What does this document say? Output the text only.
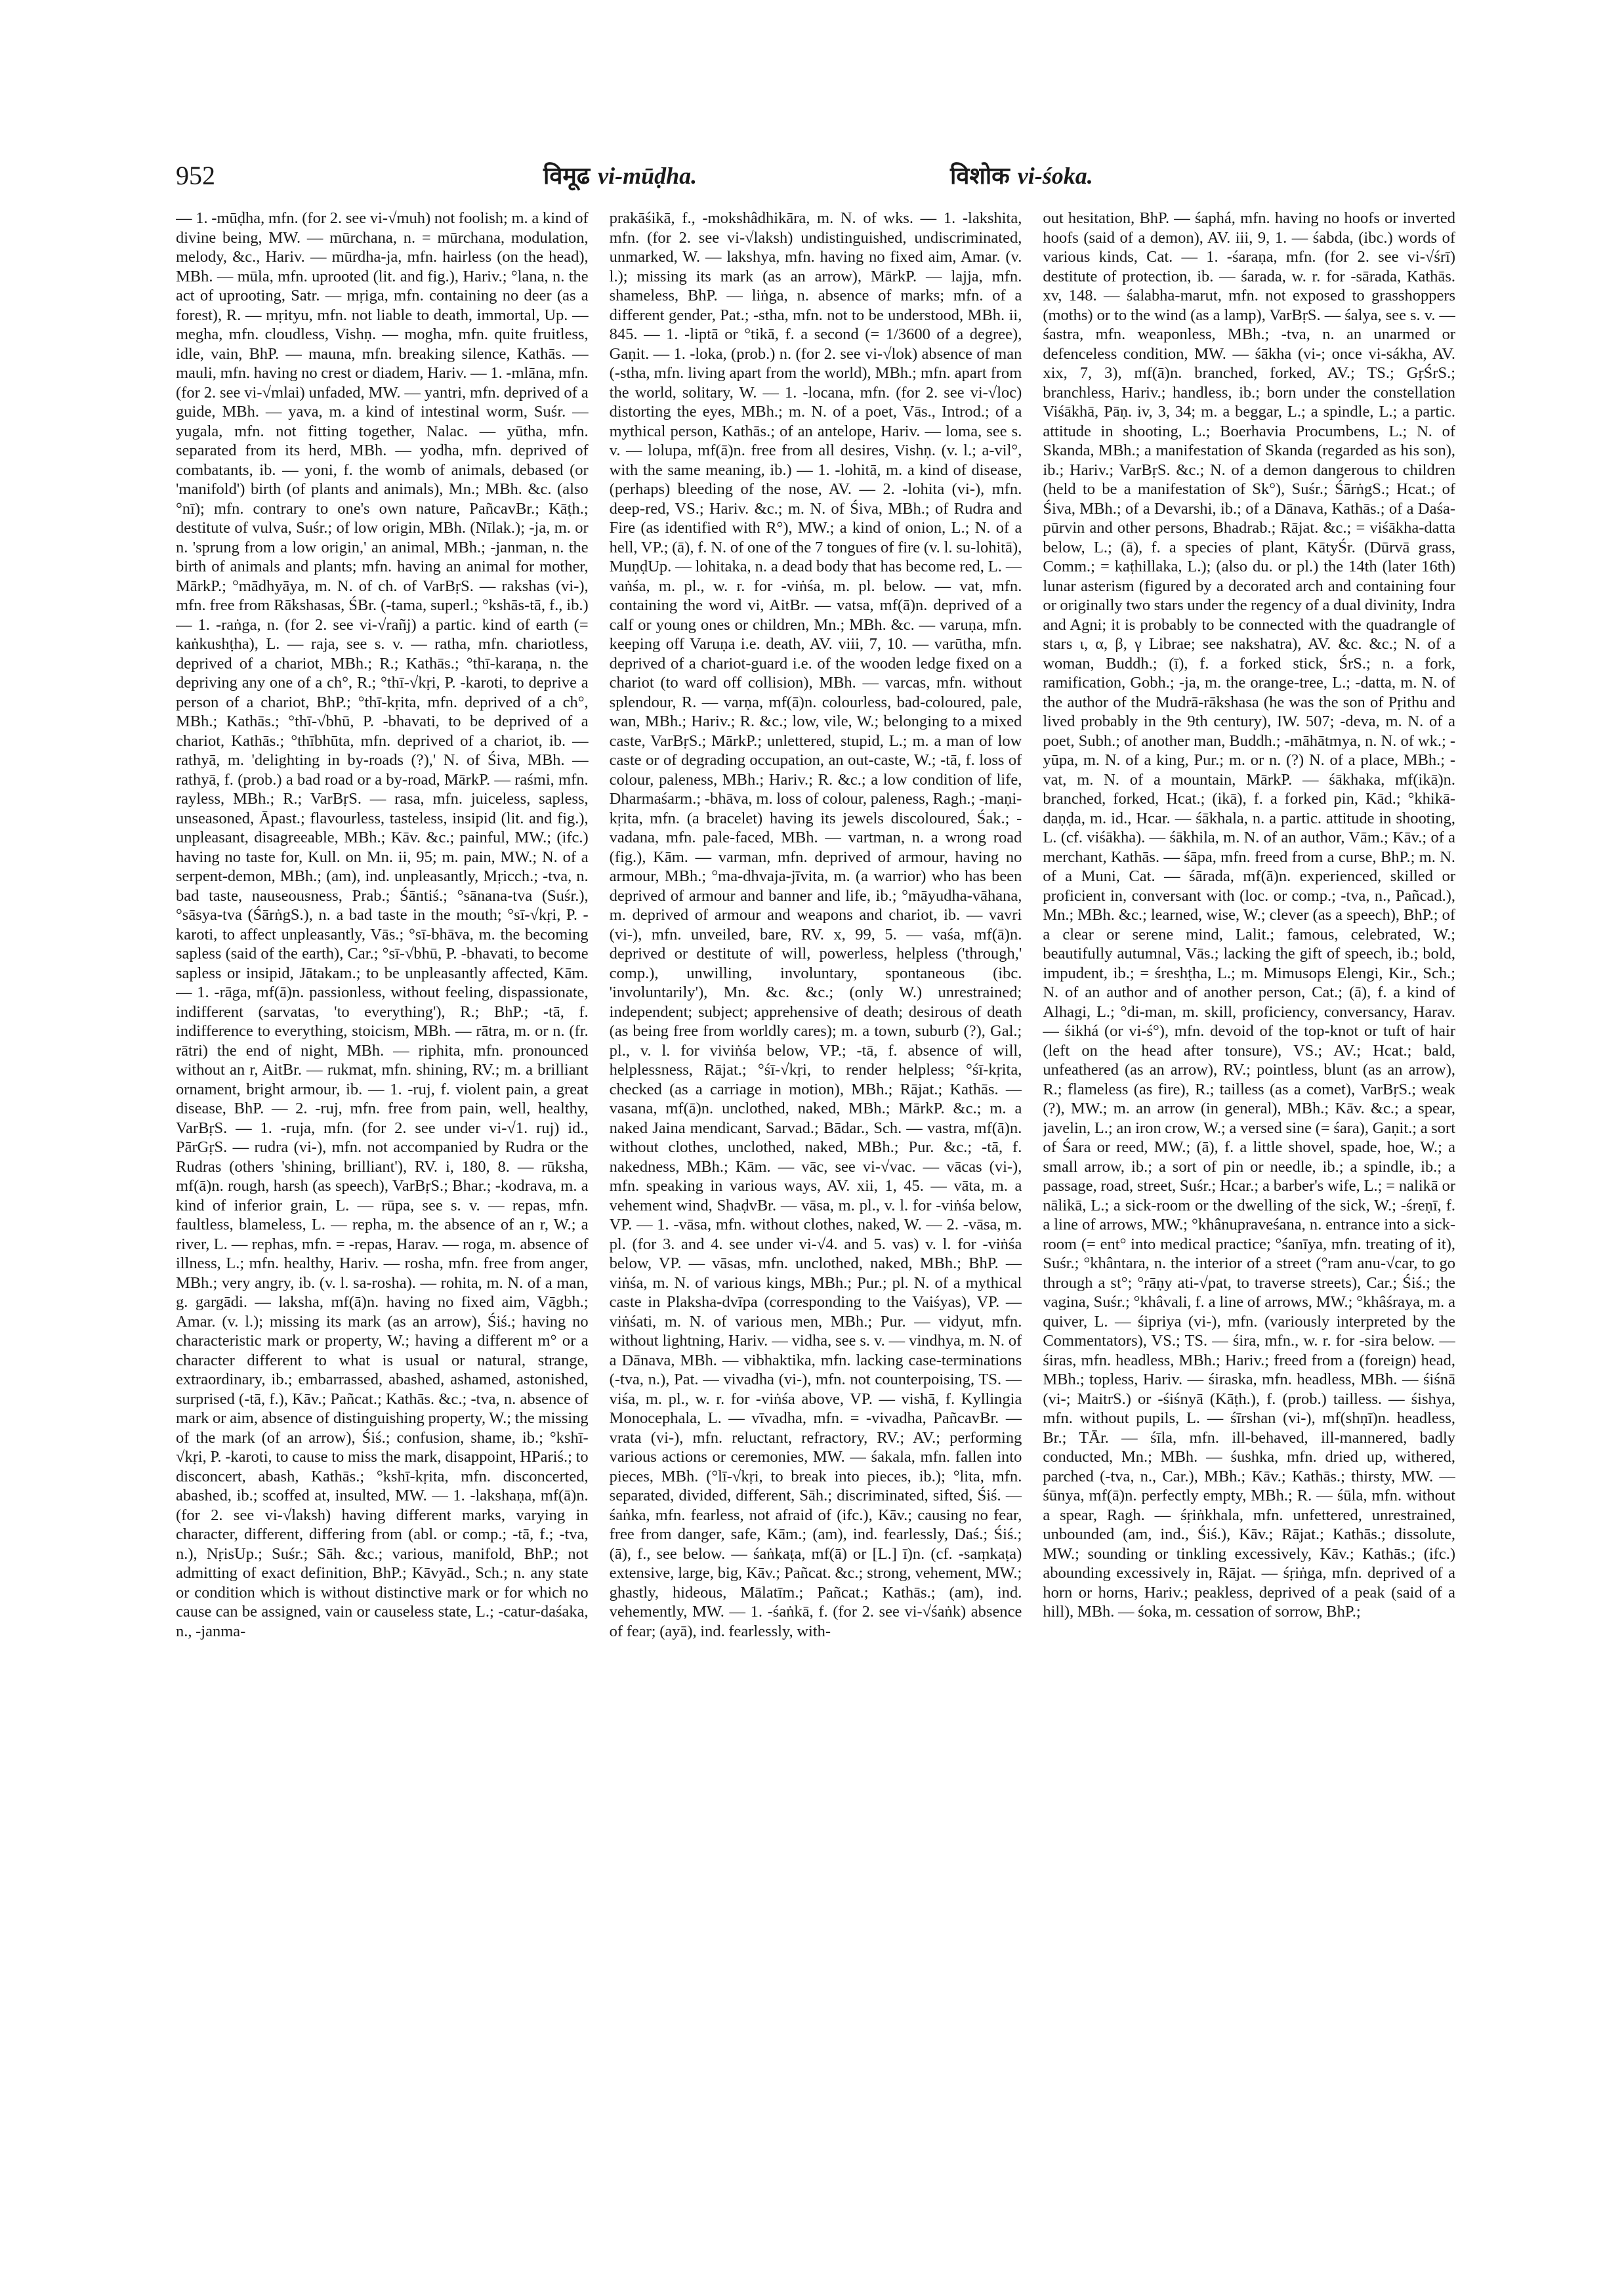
952	विमूढ vi-mūḍha.	विशोक vi-śoka.

— 1. -mūḍha, mfn. (for 2. see vi-√muh) not foolish; m. a kind of divine being, MW. — mūrchana, n. = mūrchana, modulation, melody, &c., Hariv. — mūrdha-ja, mfn. hairless (on the head), MBh. — mūla, mfn. uprooted (lit. and fig.), Hariv.; °lana, n. the act of uprooting, Satr. — mṛiga, mfn. containing no deer (as a forest), R. — mṛityu, mfn. not liable to death, immortal, Up. — megha, mfn. cloudless, Vishṇ. — mogha, mfn. quite fruitless, idle, vain, BhP. — mauna, mfn. breaking silence, Kathās. — mauli, mfn. having no crest or diadem, Hariv. — 1. -mlāna, mfn. (for 2. see vi-√mlai) unfaded, MW. — yantri, mfn. deprived of a guide, MBh. — yava, m. a kind of intestinal worm, Suśr. — yugala, mfn. not fitting together, Nalac. — yūtha, mfn. separated from its herd, MBh. — yodha, mfn. deprived of combatants, ib. — yoni, f. the womb of animals, debased (or 'manifold') birth (of plants and animals), Mn.; MBh. &c. (also °nī); mfn. contrary to one's own nature, PañcavBr.; Kāṭh.; destitute of vulva, Suśr.; of low origin, MBh. (Nīlak.); -ja, m. or n. 'sprung from a low origin,' an animal, MBh.; -janman, n. the birth of animals and plants; mfn. having an animal for mother, MārkP.; °mādhyāya, m. N. of ch. of VarBṛS. — rakshas (vi-), mfn. free from Rākshasas, ŚBr. (-tama, superl.; °kshās-tā, f., ib.) — 1. -raṅga, n. (for 2. see vi-√rañj) a partic. kind of earth (= kaṅkushṭha), L. — raja, see s. v. — ratha, mfn. chariotless, deprived of a chariot, MBh.; R.; Kathās.; °thī-karaṇa, n. the depriving any one of a ch°, R.; °thī-√kṛi, P. -karoti, to deprive a person of a chariot, BhP.; °thī-kṛita, mfn. deprived of a ch°, MBh.; Kathās.; °thī-√bhū, P. -bhavati, to be deprived of a chariot, Kathās.; °thībhūta, mfn. deprived of a chariot, ib. — rathyā, m. 'delighting in by-roads (?),' N. of Śiva, MBh. — rathyā, f. (prob.) a bad road or a by-road, MārkP. — raśmi, mfn. rayless, MBh.; R.; VarBṛS. — rasa, mfn. juiceless, sapless, unseasoned, Āpast.; flavourless, tasteless, insipid (lit. and fig.), unpleasant, disagreeable, MBh.; Kāv. &c.; painful, MW.; (ifc.) having no taste for, Kull. on Mn. ii, 95; m. pain, MW.; N. of a serpent-demon, MBh.; (am), ind. unpleasantly, Mṛicch.; -tva, n. bad taste, nauseousness, Prab.; Śāntiś.; °sānana-tva (Suśr.), °sāsya-tva (ŚārṅgS.), n. a bad taste in the mouth; °sī-√kṛi, P. -karoti, to affect unpleasantly, Vās.; °sī-bhāva, m. the becoming sapless (said of the earth), Car.; °sī-√bhū, P. -bhavati, to become sapless or insipid, Jātakam.; to be unpleasantly affected, Kām. — 1. -rāga, mf(ā)n. passionless, without feeling, dispassionate, indifferent (sarvatas, 'to everything'), R.; BhP.; -tā, f. indifference to everything, stoicism, MBh. — rātra, m. or n. (fr. rātri) the end of night, MBh. — riphita, mfn. pronounced without an r, AitBr. — rukmat, mfn. shining, RV.; m. a brilliant ornament, bright armour, ib. — 1. -ruj, f. violent pain, a great disease, BhP. — 2. -ruj, mfn. free from pain, well, healthy, VarBṛS. — 1. -ruja, mfn. (for 2. see under vi-√1. ruj) id., PārGṛS. — rudra (vi-), mfn. not accompanied by Rudra or the Rudras (others 'shining, brilliant'), RV. i, 180, 8. — rūksha, mf(ā)n. rough, harsh (as speech), VarBṛS.; Bhar.; -kodrava, m. a kind of inferior grain, L. — rūpa, see s. v. — repas, mfn. faultless, blameless, L. — repha, m. the absence of an r, W.; a river, L. — rephas, mfn. = -repas, Harav. — roga, m. absence of illness, L.; mfn. healthy, Hariv. — rosha, mfn. free from anger, MBh.; very angry, ib. (v. l. sa-rosha). — rohita, m. N. of a man, g. gargādi. — laksha, mf(ā)n. having no fixed aim, Vāgbh.; Amar. (v. l.); missing its mark (as an arrow), Śiś.; having no characteristic mark or property, W.; having a different m° or a character different to what is usual or natural, strange, extraordinary, ib.; embarrassed, abashed, ashamed, astonished, surprised (-tā, f.), Kāv.; Pañcat.; Kathās. &c.; -tva, n. absence of mark or aim, absence of distinguishing property, W.; the missing of the mark (of an arrow), Śiś.; confusion, shame, ib.; °kshī-√kṛi, P. -karoti, to cause to miss the mark, disappoint, HPariś.; to disconcert, abash, Kathās.; °kshī-kṛita, mfn. disconcerted, abashed, ib.; scoffed at, insulted, MW. — 1. -lakshaṇa, mf(ā)n. (for 2. see vi-√laksh) having different marks, varying in character, different, differing from (abl. or comp.; -tā, f.; -tva, n.), NṛisUp.; Suśr.; Sāh. &c.; various, manifold, BhP.; not admitting of exact definition, BhP.; Kāvyād., Sch.; n. any state or condition which is without distinctive mark or for which no cause can be assigned, vain or causeless state, L.; -catur-daśaka, n., -janma-

prakāśikā, f., -mokshâdhikāra, m. N. of wks. — 1. -lakshita, mfn. (for 2. see vi-√laksh) undistinguished, undiscriminated, unmarked, W. — lakshya, mfn. having no fixed aim, Amar. (v. l.); missing its mark (as an arrow), MārkP. — lajja, mfn. shameless, BhP. — liṅga, n. absence of marks; mfn. of a different gender, Pat.; -stha, mfn. not to be understood, MBh. ii, 845. — 1. -liptā or °tikā, f. a second (= 1/3600 of a degree), Gaṇit. — 1. -loka, (prob.) n. (for 2. see vi-√lok) absence of man (-stha, mfn. living apart from the world), MBh.; mfn. apart from the world, solitary, W. — 1. -locana, mfn. (for 2. see vi-√loc) distorting the eyes, MBh.; m. N. of a poet, Vās., Introd.; of a mythical person, Kathās.; of an antelope, Hariv. — loma, see s. v. — lolupa, mf(ā)n. free from all desires, Vishṇ. (v. l.; a-vil°, with the same meaning, ib.) — 1. -lohitā, m. a kind of disease, (perhaps) bleeding of the nose, AV. — 2. -lohita (vi-), mfn. deep-red, VS.; Hariv. &c.; m. N. of Śiva, MBh.; of Rudra and Fire (as identified with R°), MW.; a kind of onion, L.; N. of a hell, VP.; (ā), f. N. of one of the 7 tongues of fire (v. l. su-lohitā), MuṇḍUp. — lohitaka, n. a dead body that has become red, L. — vaṅśa, m. pl., w. r. for -viṅśa, m. pl. below. — vat, mfn. containing the word vi, AitBr. — vatsa, mf(ā)n. deprived of a calf or young ones or children, Mn.; MBh. &c. — varuṇa, mfn. keeping off Varuṇa i.e. death, AV. viii, 7, 10. — varūtha, mfn. deprived of a chariot-guard i.e. of the wooden ledge fixed on a chariot (to ward off collision), MBh. — varcas, mfn. without splendour, R. — varṇa, mf(ā)n. colourless, bad-coloured, pale, wan, MBh.; Hariv.; R. &c.; low, vile, W.; belonging to a mixed caste, VarBṛS.; MārkP.; unlettered, stupid, L.; m. a man of low caste or of degrading occupation, an out-caste, W.; -tā, f. loss of colour, paleness, MBh.; Hariv.; R. &c.; a low condition of life, Dharmaśarm.; -bhāva, m. loss of colour, paleness, Ragh.; -maṇi-kṛita, mfn. (a bracelet) having its jewels discoloured, Śak.; -vadana, mfn. pale-faced, MBh. — vartman, n. a wrong road (fig.), Kām. — varman, mfn. deprived of armour, having no armour, MBh.; °ma-dhvaja-jīvita, m. (a warrior) who has been deprived of armour and banner and life, ib.; °māyudha-vāhana, m. deprived of armour and weapons and chariot, ib. — vavri (vi-), mfn. unveiled, bare, RV. x, 99, 5. — vaśa, mf(ā)n. deprived or destitute of will, powerless, helpless ('through,' comp.), unwilling, involuntary, spontaneous (ibc. 'involuntarily'), Mn. &c. &c.; (only W.) unrestrained; independent; subject; apprehensive of death; desirous of death (as being free from worldly cares); m. a town, suburb (?), Gal.; pl., v. l. for viviṅśa below, VP.; -tā, f. absence of will, helplessness, Rājat.; °śī-√kṛi, to render helpless; °śī-kṛita, checked (as a carriage in motion), MBh.; Rājat.; Kathās. — vasana, mf(ā)n. unclothed, naked, MBh.; MārkP. &c.; m. a naked Jaina mendicant, Sarvad.; Bādar., Sch. — vastra, mf(ā)n. without clothes, unclothed, naked, MBh.; Pur. &c.; -tā, f. nakedness, MBh.; Kām. — vāc, see vi-√vac. — vācas (vi-), mfn. speaking in various ways, AV. xii, 1, 45. — vāta, m. a vehement wind, ShaḍvBr. — vāsa, m. pl., v. l. for -viṅśa below, VP. — 1. -vāsa, mfn. without clothes, naked, W. — 2. -vāsa, m. pl. (for 3. and 4. see under vi-√4. and 5. vas) v. l. for -viṅśa below, VP. — vāsas, mfn. unclothed, naked, MBh.; BhP. — viṅśa, m. N. of various kings, MBh.; Pur.; pl. N. of a mythical caste in Plaksha-dvīpa (corresponding to the Vaiśyas), VP. — viṅśati, m. N. of various men, MBh.; Pur. — vidyut, mfn. without lightning, Hariv. — vidha, see s. v. — vindhya, m. N. of a Dānava, MBh. — vibhaktika, mfn. lacking case-terminations (-tva, n.), Pat. — vivadha (vi-), mfn. not counterpoising, TS. — viśa, m. pl., w. r. for -viṅśa above, VP. — vishā, f. Kyllingia Monocephala, L. — vīvadha, mfn. = -vivadha, PañcavBr. — vrata (vi-), mfn. reluctant, refractory, RV.; AV.; performing various actions or ceremonies, MW. — śakala, mfn. fallen into pieces, MBh. (°lī-√kṛi, to break into pieces, ib.); °lita, mfn. separated, divided, different, Sāh.; discriminated, sifted, Śiś. — śaṅka, mfn. fearless, not afraid of (ifc.), Kāv.; causing no fear, free from danger, safe, Kām.; (am), ind. fearlessly, Daś.; Śiś.; (ā), f., see below. — śaṅkaṭa, mf(ā) or [L.] ī)n. (cf. -saṃkaṭa) extensive, large, big, Kāv.; Pañcat. &c.; strong, vehement, MW.; ghastly, hideous, Mālatīm.; Pañcat.; Kathās.; (am), ind. vehemently, MW. — 1. -śaṅkā, f. (for 2. see vi-√śaṅk) absence of fear; (ayā), ind. fearlessly, with-

out hesitation, BhP. — śaphá, mfn. having no hoofs or inverted hoofs (said of a demon), AV. iii, 9, 1. — śabda, (ibc.) words of various kinds, Cat. — 1. -śaraṇa, mfn. (for 2. see vi-√śrī) destitute of protection, ib. — śarada, w. r. for -sārada, Kathās. xv, 148. — śalabha-marut, mfn. not exposed to grasshoppers (moths) or to the wind (as a lamp), VarBṛS. — śalya, see s. v. — śastra, mfn. weaponless, MBh.; -tva, n. an unarmed or defenceless condition, MW. — śākha (vi-; once vi-sákha, AV. xix, 7, 3), mf(ā)n. branched, forked, AV.; TS.; GṛŚrS.; branchless, Hariv.; handless, ib.; born under the constellation Viśākhā, Pāṇ. iv, 3, 34; m. a beggar, L.; a spindle, L.; a partic. attitude in shooting, L.; Boerhavia Procumbens, L.; N. of Skanda, MBh.; a manifestation of Skanda (regarded as his son), ib.; Hariv.; VarBṛS. &c.; N. of a demon dangerous to children (held to be a manifestation of Sk°), Suśr.; ŚārṅgS.; Hcat.; of Śiva, MBh.; of a Devarshi, ib.; of a Dānava, Kathās.; of a Daśa-pūrvin and other persons, Bhadrab.; Rājat. &c.; = viśākha-datta below, L.; (ā), f. a species of plant, KātyŚr. (Dūrvā grass, Comm.; = kaṭhillaka, L.); (also du. or pl.) the 14th (later 16th) lunar asterism (figured by a decorated arch and containing four or originally two stars under the regency of a dual divinity, Indra and Agni; it is probably to be connected with the quadrangle of stars ι, α, β, γ Librae; see nakshatra), AV. &c. &c.; N. of a woman, Buddh.; (ī), f. a forked stick, ŚrS.; n. a fork, ramification, Gobh.; -ja, m. the orange-tree, L.; -datta, m. N. of the author of the Mudrā-rākshasa (he was the son of Pṛithu and lived probably in the 9th century), IW. 507; -deva, m. N. of a poet, Subh.; of another man, Buddh.; -māhātmya, n. N. of wk.; -yūpa, m. N. of a king, Pur.; m. or n. (?) N. of a place, MBh.; -vat, m. N. of a mountain, MārkP. — śākhaka, mf(ikā)n. branched, forked, Hcat.; (ikā), f. a forked pin, Kād.; °khikā-daṇḍa, m. id., Hcar. — śākhala, n. a partic. attitude in shooting, L. (cf. viśākha). — śākhila, m. N. of an author, Vām.; Kāv.; of a merchant, Kathās. — śāpa, mfn. freed from a curse, BhP.; m. N. of a Muni, Cat. — śārada, mf(ā)n. experienced, skilled or proficient in, conversant with (loc. or comp.; -tva, n., Pañcad.), Mn.; MBh. &c.; learned, wise, W.; clever (as a speech), BhP.; of a clear or serene mind, Lalit.; famous, celebrated, W.; beautifully autumnal, Vās.; lacking the gift of speech, ib.; bold, impudent, ib.; = śreshṭha, L.; m. Mimusops Elengi, Kir., Sch.; N. of an author and of another person, Cat.; (ā), f. a kind of Alhagi, L.; °di-man, m. skill, proficiency, conversancy, Harav. — śikhá (or vi-ś°), mfn. devoid of the top-knot or tuft of hair (left on the head after tonsure), VS.; AV.; Hcat.; bald, unfeathered (as an arrow), RV.; pointless, blunt (as an arrow), R.; flameless (as fire), R.; tailless (as a comet), VarBṛS.; weak (?), MW.; m. an arrow (in general), MBh.; Kāv. &c.; a spear, javelin, L.; an iron crow, W.; a versed sine (= śara), Gaṇit.; a sort of Śara or reed, MW.; (ā), f. a little shovel, spade, hoe, W.; a small arrow, ib.; a sort of pin or needle, ib.; a spindle, ib.; a passage, road, street, Suśr.; Hcar.; a barber's wife, L.; = nalikā or nālikā, L.; a sick-room or the dwelling of the sick, W.; -śreṇī, f. a line of arrows, MW.; °khânupraveśana, n. entrance into a sick-room (= ent° into medical practice; °śanīya, mfn. treating of it), Suśr.; °khântara, n. the interior of a street (°ram anu-√car, to go through a st°; °rāṇy ati-√pat, to traverse streets), Car.; Śiś.; the vagina, Suśr.; °khâvali, f. a line of arrows, MW.; °khâśraya, m. a quiver, L. — śipriya (vi-), mfn. (variously interpreted by the Commentators), VS.; TS. — śira, mfn., w. r. for -sira below. — śiras, mfn. headless, MBh.; Hariv.; freed from a (foreign) head, MBh.; topless, Hariv. — śiraska, mfn. headless, MBh. — śiśnā (vi-; MaitrS.) or -śiśnyā (Kāṭh.), f. (prob.) tailless. — śishya, mfn. without pupils, L. — śīrshan (vi-), mf(shṇī)n. headless, Br.; TĀr. — śīla, mfn. ill-behaved, ill-mannered, badly conducted, Mn.; MBh. — śushka, mfn. dried up, withered, parched (-tva, n., Car.), MBh.; Kāv.; Kathās.; thirsty, MW. — śūnya, mf(ā)n. perfectly empty, MBh.; R. — śūla, mfn. without a spear, Ragh. — śṛiṅkhala, mfn. unfettered, unrestrained, unbounded (am, ind., Śiś.), Kāv.; Rājat.; Kathās.; dissolute, MW.; sounding or tinkling excessively, Kāv.; Kathās.; (ifc.) abounding excessively in, Rājat. — śṛiṅga, mfn. deprived of a horn or horns, Hariv.; peakless, deprived of a peak (said of a hill), MBh. — śoka, m. cessation of sorrow, BhP.;
